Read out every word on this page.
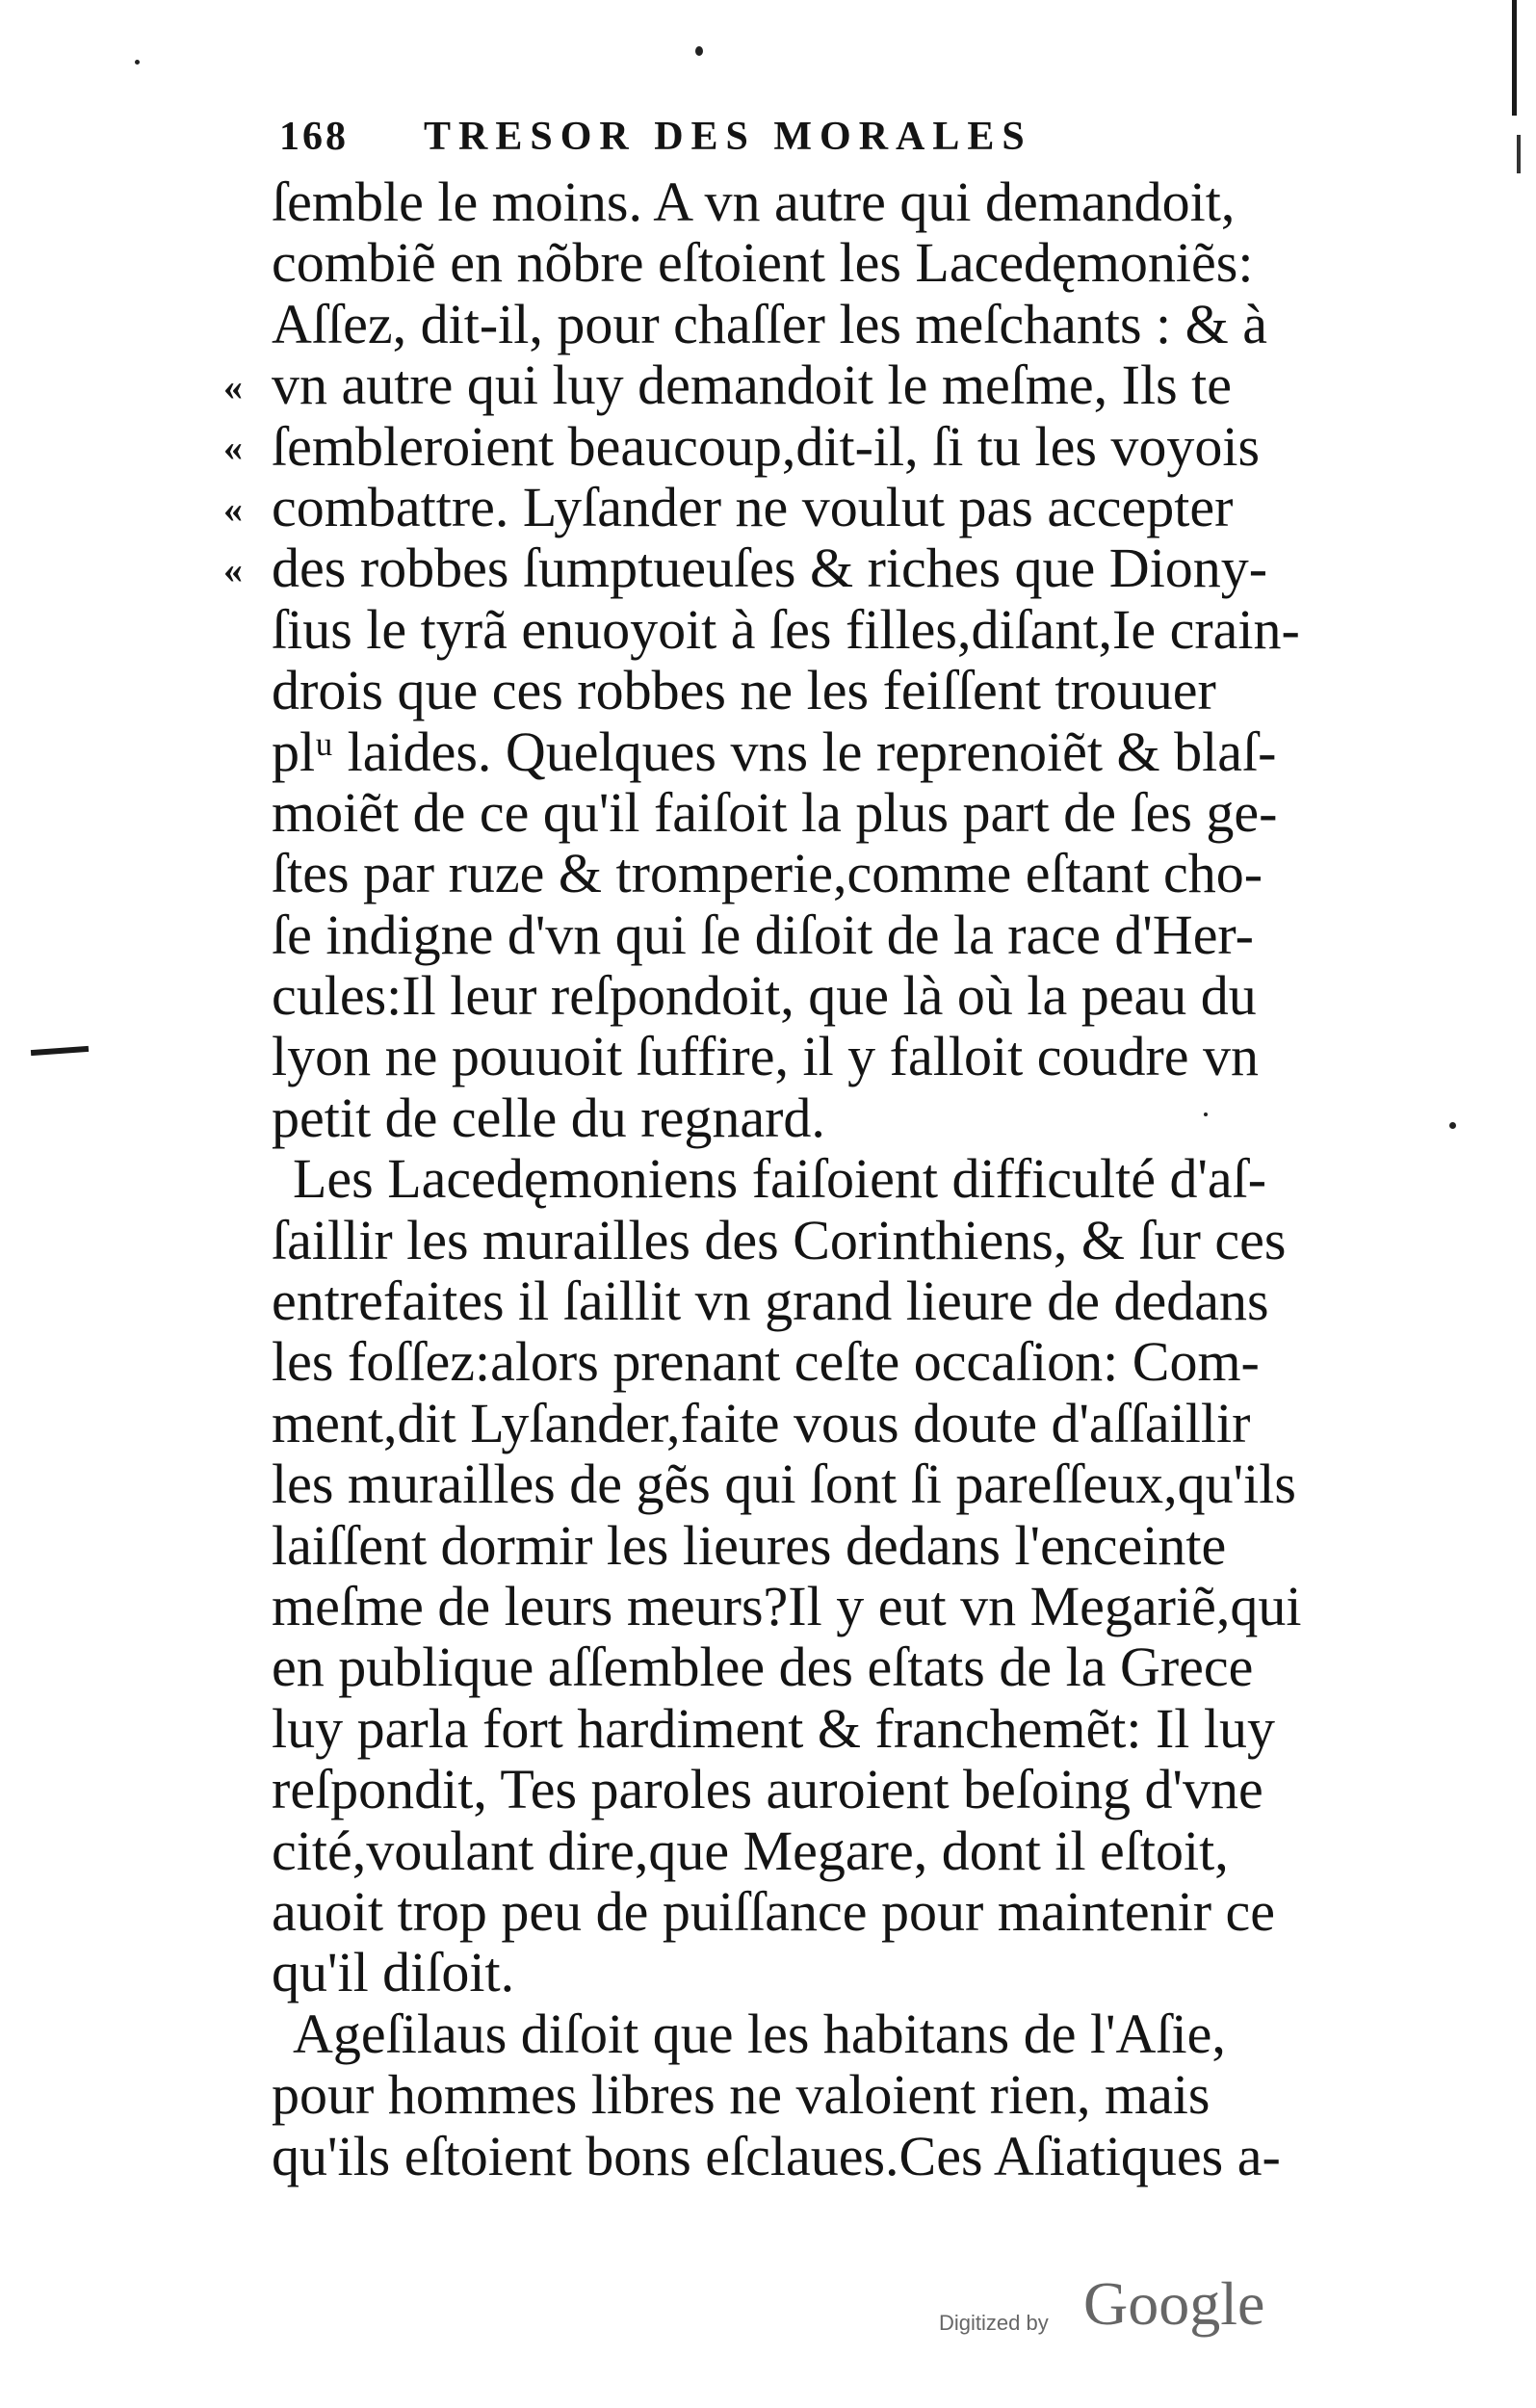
168 TRESOR DES MORALES
«
«
«
«
ſemble le moins. A vn autre qui demandoit,
combiẽ en nõbre eſtoient les Lacedęmoniẽs:
Aſſez, dit-il, pour chaſſer les meſchants : & à
vn autre qui luy demandoit le meſme, Ils te
ſembleroient beaucoup,dit-il, ſi tu les voyois
combattre. Lyſander ne voulut pas accepter
des robbes ſumptueuſes & riches que Diony-
ſius le tyrã enuoyoit à ſes filles,diſant,Ie crain-
drois que ces robbes ne les feiſſent trouuer
plᵘ laides. Quelques vns le reprenoiẽt & blaſ-
moiẽt de ce qu'il faiſoit la plus part de ſes ge-
ſtes par ruze & tromperie,comme eſtant cho-
ſe indigne d'vn qui ſe diſoit de la race d'Her-
cules:Il leur reſpondoit, que là où la peau du
lyon ne pouuoit ſuffire, il y falloit coudre vn
petit de celle du regnard.
Les Lacedęmoniens faiſoient difficulté d'aſ-
ſaillir les murailles des Corinthiens, & ſur ces
entrefaites il ſaillit vn grand lieure de dedans
les foſſez:alors prenant ceſte occaſion: Com-
ment,dit Lyſander,faite vous doute d'aſſaillir
les murailles de gẽs qui ſont ſi pareſſeux,qu'ils
laiſſent dormir les lieures dedans l'enceinte
meſme de leurs meurs?Il y eut vn Megariẽ,qui
en publique aſſemblee des eſtats de la Grece
luy parla fort hardiment & franchemẽt: Il luy
reſpondit, Tes paroles auroient beſoing d'vne
cité,voulant dire,que Megare, dont il eſtoit,
auoit trop peu de puiſſance pour maintenir ce
qu'il diſoit.
Ageſilaus diſoit que les habitans de l'Aſie,
pour hommes libres ne valoient rien, mais
qu'ils eſtoient bons eſclaues.Ces Aſiatiques a-
Digitized by Google
